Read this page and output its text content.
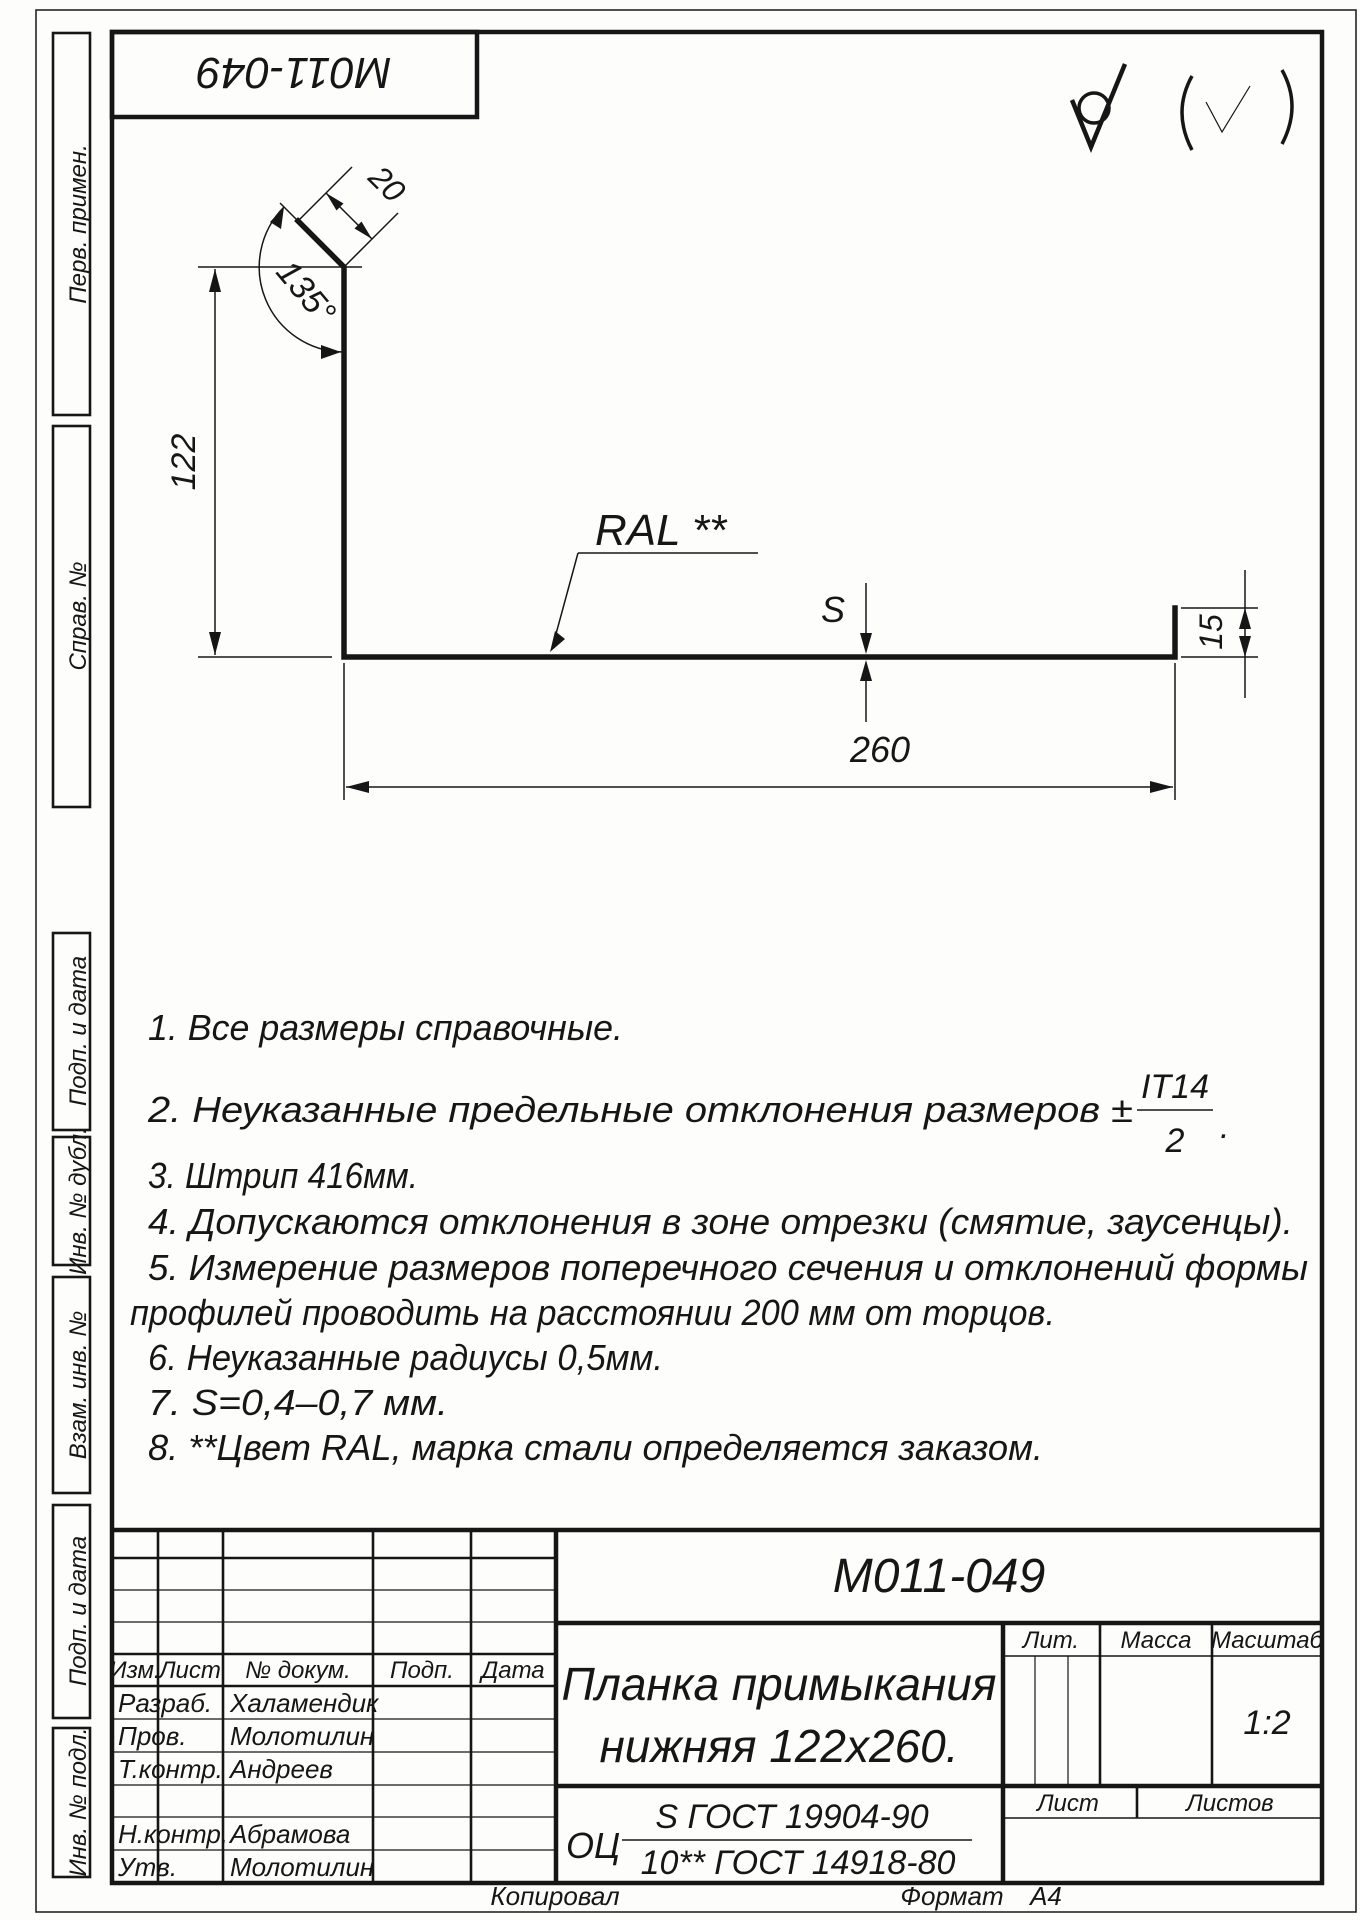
Перв. примен.
Справ. №
Подп. и дата
Инв. № дубл.
Взам. инв. №
Подп. и дата
Инв. № подл.
М011-049
20
135°
122
260
S
15
RAL **
1. Все размеры справочные.
2. Неуказанные предельные отклонения размеров ±
IT14
2 .
3. Штрип 416мм.
4. Допускаются отклонения в зоне отрезки (смятие, заусенцы).
5. Измерение размеров поперечного сечения и отклонений формы
профилей проводить на расстоянии 200 мм от торцов.
6. Неуказанные радиусы 0,5мм.
7. S=0,4–0,7 мм.
8. **Цвет RAL, марка стали определяется заказом.
Изм.
Лист № докум. Подп. Дата
Разраб. Халамендик
Пров. Молотилин
Т.контр. Андреев
Н.контр. Абрамова
Утв. Молотилин
М011-049
Планка примыкания
нижняя 122х260.
ОЦ
S ГОСТ 19904-90
10** ГОСТ 14918-80
Лит. Масса Масштаб
1:2
Лист	Листов
Копировал	Формат А4
